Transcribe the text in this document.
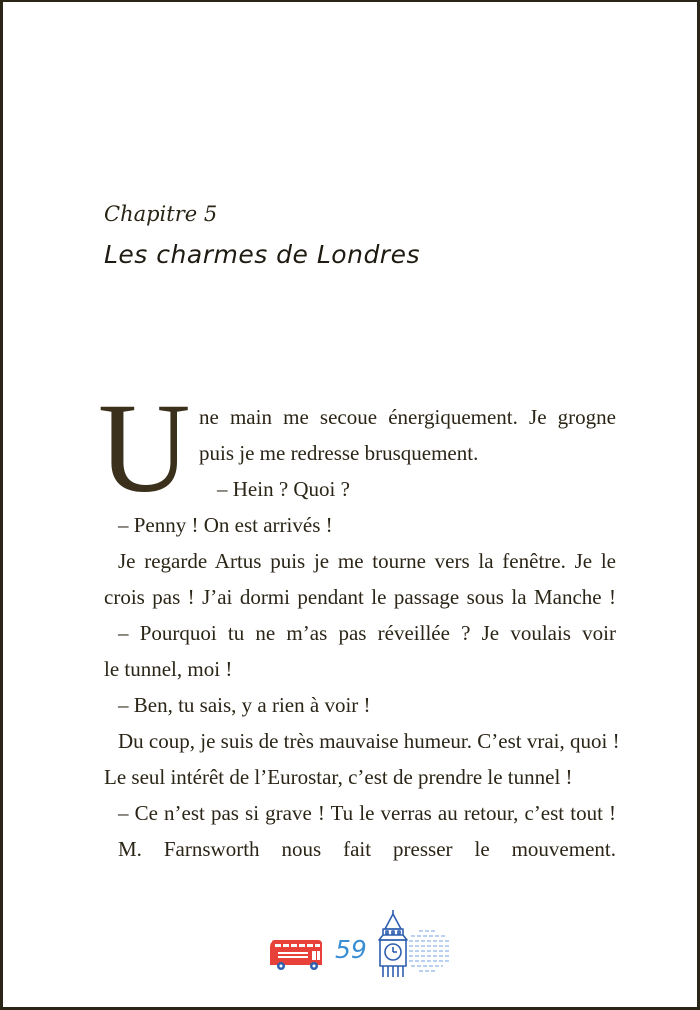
Chapitre 5
Les charmes de Londres
U ne main me secoue énergiquement. Je grogne
puis je me redresse brusquement.
– Hein ? Quoi ?
– Penny ! On est arrivés !
Je regarde Artus puis je me tourne vers la fenêtre. Je le
crois pas ! J’ai dormi pendant le passage sous la Manche !
– Pourquoi tu ne m’as pas réveillée ? Je voulais voir
le tunnel, moi !
– Ben, tu sais, y a rien à voir !
Du coup, je suis de très mauvaise humeur. C’est vrai, quoi !
Le seul intérêt de l’Eurostar, c’est de prendre le tunnel !
– Ce n’est pas si grave ! Tu le verras au retour, c’est tout !
M. Farnsworth nous fait presser le mouvement.
59
